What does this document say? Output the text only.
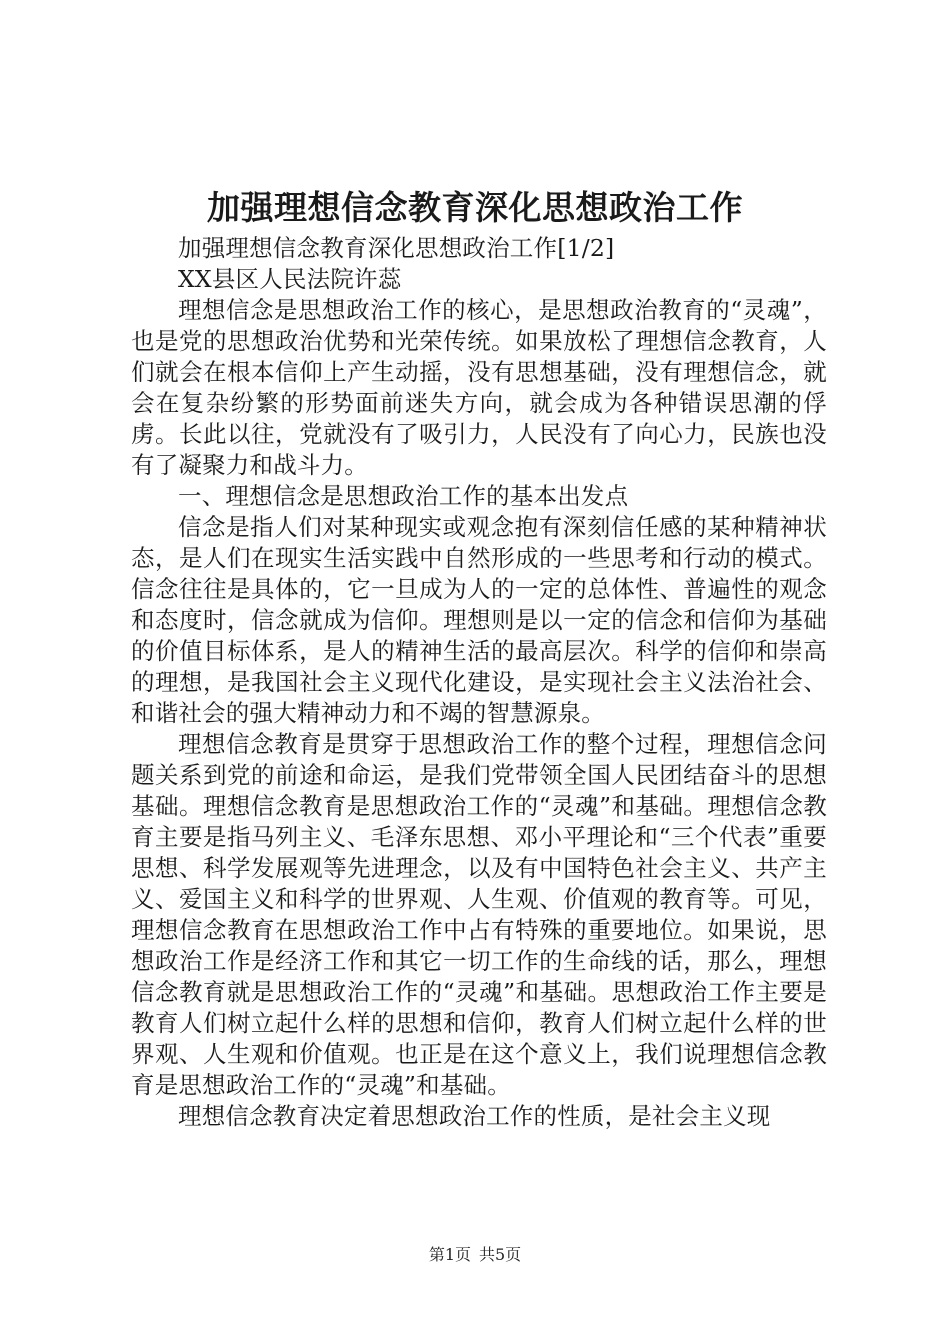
加强理想信念教育深化思想政治工作

加强理想信念教育深化思想政治工作[1/2]

XX县区人民法院许蕊

理想信念是思想政治工作的核心，是思想政治教育的“灵魂”，也是党的思想政治优势和光荣传统。如果放松了理想信念教育，人们就会在根本信仰上产生动摇，没有思想基础，没有理想信念，就会在复杂纷繁的形势面前迷失方向，就会成为各种错误思潮的俘虏。长此以往，党就没有了吸引力，人民没有了向心力，民族也没有了凝聚力和战斗力。

一、理想信念是思想政治工作的基本出发点

信念是指人们对某种现实或观念抱有深刻信任感的某种精神状态，是人们在现实生活实践中自然形成的一些思考和行动的模式。信念往往是具体的，它一旦成为人的一定的总体性、普遍性的观念和态度时，信念就成为信仰。理想则是以一定的信念和信仰为基础的价值目标体系，是人的精神生活的最高层次。科学的信仰和崇高的理想，是我国社会主义现代化建设，是实现社会主义法治社会、和谐社会的强大精神动力和不竭的智慧源泉。

理想信念教育是贯穿于思想政治工作的整个过程，理想信念问题关系到党的前途和命运，是我们党带领全国人民团结奋斗的思想基础。理想信念教育是思想政治工作的“灵魂”和基础。理想信念教育主要是指马列主义、毛泽东思想、邓小平理论和“三个代表”重要思想、科学发展观等先进理念，以及有中国特色社会主义、共产主义、爱国主义和科学的世界观、人生观、价值观的教育等。可见，理想信念教育在思想政治工作中占有特殊的重要地位。如果说，思想政治工作是经济工作和其它一切工作的生命线的话，那么，理想信念教育就是思想政治工作的“灵魂”和基础。思想政治工作主要是教育人们树立起什么样的思想和信仰，教育人们树立起什么样的世界观、人生观和价值观。也正是在这个意义上，我们说理想信念教育是思想政治工作的“灵魂”和基础。

理想信念教育决定着思想政治工作的性质，是社会主义现

第1页 共5页
